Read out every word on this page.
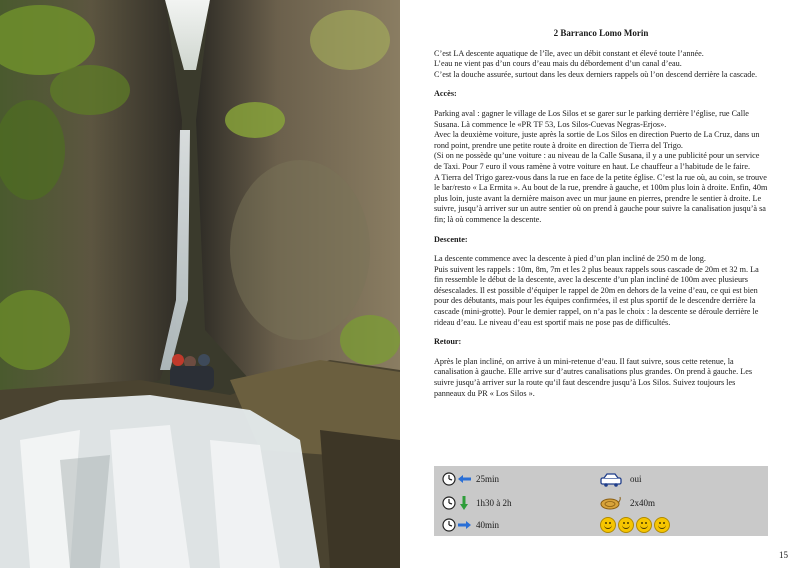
2 Barranco Lomo Morin

C’est LA descente aquatique de l’île, avec un débit constant et élevé toute l’année.

L’eau ne vient pas d’un cours d’eau mais du débordement d’un canal d’eau.

C’est la douche assurée, surtout dans les deux derniers rappels où l’on descend derrière la cascade.

Accès:

Parking aval : gagner le village de Los Silos et se garer sur le parking derrière l’église, rue Calle Susana. Là commence le «PR TF 53, Los Silos-Cuevas Negras-Erjos».

Avec la deuxième voiture, juste après la sortie de Los Silos en direction Puerto de La Cruz, dans un rond point, prendre une petite route à droite en direction de Tierra del Trigo.

(Si on ne possède qu’une voiture : au niveau de la Calle Susana, il y a une publicité pour un service de Taxi. Pour 7 euro il vous ramène à votre voiture en haut. Le chauffeur a l’habitude de le faire.

A Tierra del Trigo garez-vous dans la rue en face de la petite église. C’est la rue où, au coin, se trouve le bar/resto « La Ermita ». Au bout de la rue, prendre à gauche, et 100m plus loin à droite. Enfin, 40m plus loin, juste avant la dernière maison avec un mur jaune en pierres, prendre le sentier à droite. Le suivre, jusqu’à arriver sur un autre sentier où on prend à gauche pour suivre la canalisation jusqu’à sa fin; là où commence la descente.

Descente:

La descente commence avec la descente à pied d’un plan incliné de 250 m de long.

Puis suivent les rappels : 10m, 8m, 7m et les 2 plus beaux rappels sous cascade de 20m et 32 m. La fin ressemble le début de la descente, avec la descente d’un plan incliné de 100m avec plusieurs désescalades. Il est possible d’équiper le rappel de 20m en dehors de la veine d’eau, ce qui est bien pour des débutants, mais pour les équipes confirmées, il est plus sportif de le descendre derrière la cascade (mini-grotte). Pour le dernier rappel, on n’a pas le choix : la descente se déroule derrière le rideau d’eau. Le niveau d’eau est sportif mais ne pose pas de difficultés.

Retour:

Après le plan incliné, on arrive à un mini-retenue d’eau. Il faut suivre, sous cette retenue, la canalisation à gauche. Elle arrive sur d’autres canalisations plus grandes. On prend à gauche. Les suivre jusqu’à arriver sur la route qu’il faut descendre jusqu’à Los Silos. Suivez toujours les panneaux du PR « Los Silos ».

25min
1h30 à 2h
40min
oui
2x40m
15
